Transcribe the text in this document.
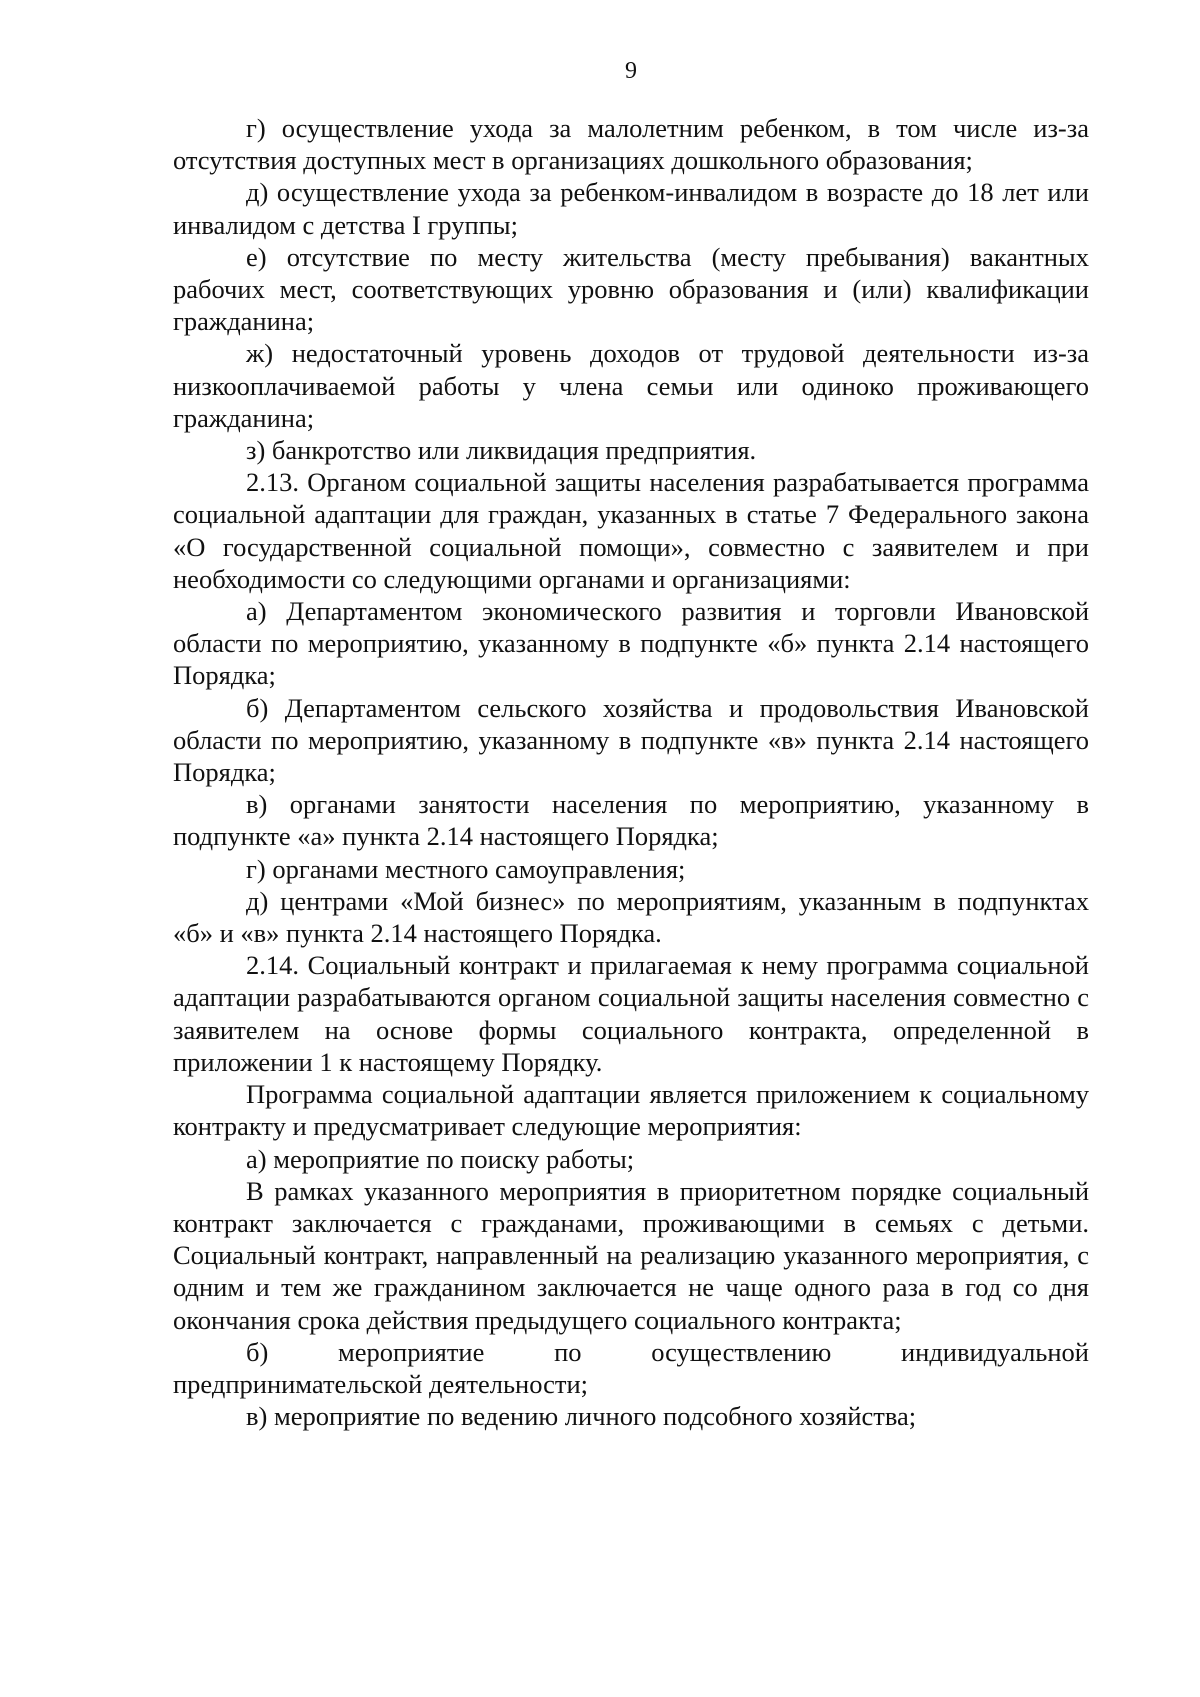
9

г) осуществление ухода за малолетним ребенком, в том числе из-за отсутствия доступных мест в организациях дошкольного образования;

д) осуществление ухода за ребенком-инвалидом в возрасте до 18 лет или инвалидом с детства I группы;

е) отсутствие по месту жительства (месту пребывания) вакантных рабочих мест, соответствующих уровню образования и (или) квалификации гражданина;

ж) недостаточный уровень доходов от трудовой деятельности из-за низкооплачиваемой работы у члена семьи или одиноко проживающего гражданина;

з) банкротство или ликвидация предприятия.

2.13. Органом социальной защиты населения разрабатывается программа социальной адаптации для граждан, указанных в статье 7 Федерального закона «О государственной социальной помощи», совместно с заявителем и при необходимости со следующими органами и организациями:

а) Департаментом экономического развития и торговли Ивановской области по мероприятию, указанному в подпункте «б» пункта 2.14 настоящего Порядка;

б) Департаментом сельского хозяйства и продовольствия Ивановской области по мероприятию, указанному в подпункте «в» пункта 2.14 настоящего Порядка;

в) органами занятости населения по мероприятию, указанному в подпункте «а» пункта 2.14 настоящего Порядка;

г) органами местного самоуправления;

д) центрами «Мой бизнес» по мероприятиям, указанным в подпунктах «б» и «в» пункта 2.14 настоящего Порядка.

2.14. Социальный контракт и прилагаемая к нему программа социальной адаптации разрабатываются органом социальной защиты населения совместно с заявителем на основе формы социального контракта, определенной в приложении 1 к настоящему Порядку.

Программа социальной адаптации является приложением к социальному контракту и предусматривает следующие мероприятия:

а) мероприятие по поиску работы;

В рамках указанного мероприятия в приоритетном порядке социальный контракт заключается с гражданами, проживающими в семьях с детьми. Социальный контракт, направленный на реализацию указанного мероприятия, с одним и тем же гражданином заключается не чаще одного раза в год со дня окончания срока действия предыдущего социального контракта;

б) мероприятие по осуществлению индивидуальной предпринимательской деятельности;

в) мероприятие по ведению личного подсобного хозяйства;
